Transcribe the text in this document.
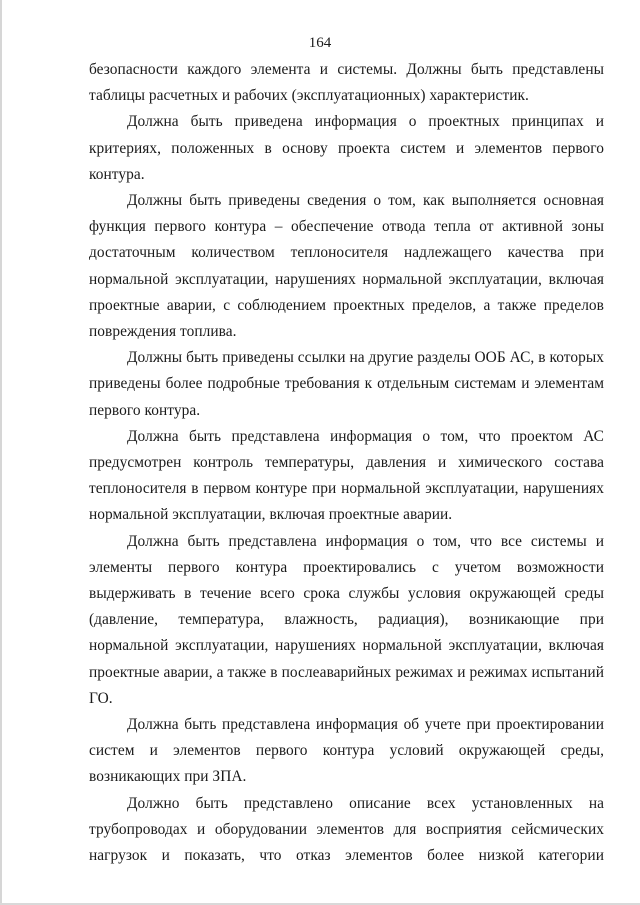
164

безопасности каждого элемента и системы. Должны быть представлены таблицы расчетных и рабочих (эксплуатационных) характеристик.

Должна быть приведена информация о проектных принципах и критериях, положенных в основу проекта систем и элементов первого контура.

Должны быть приведены сведения о том, как выполняется основная функция первого контура – обеспечение отвода тепла от активной зоны достаточным количеством теплоносителя надлежащего качества при нормальной эксплуатации, нарушениях нормальной эксплуатации, включая проектные аварии, с соблюдением проектных пределов, а также пределов повреждения топлива.

Должны быть приведены ссылки на другие разделы ООБ АС, в которых приведены более подробные требования к отдельным системам и элементам первого контура.

Должна быть представлена информация о том, что проектом АС предусмотрен контроль температуры, давления и химического состава теплоносителя в первом контуре при нормальной эксплуатации, нарушениях нормальной эксплуатации, включая проектные аварии.

Должна быть представлена информация о том, что все системы и элементы первого контура проектировались с учетом возможности выдерживать в течение всего срока службы условия окружающей среды (давление, температура, влажность, радиация), возникающие при нормальной эксплуатации, нарушениях нормальной эксплуатации, включая проектные аварии, а также в послеаварийных режимах и режимах испытаний ГО.

Должна быть представлена информация об учете при проектировании систем и элементов первого контура условий окружающей среды, возникающих при ЗПА.

Должно быть представлено описание всех установленных на трубопроводах и оборудовании элементов для восприятия сейсмических нагрузок и показать, что отказ элементов более низкой категории
